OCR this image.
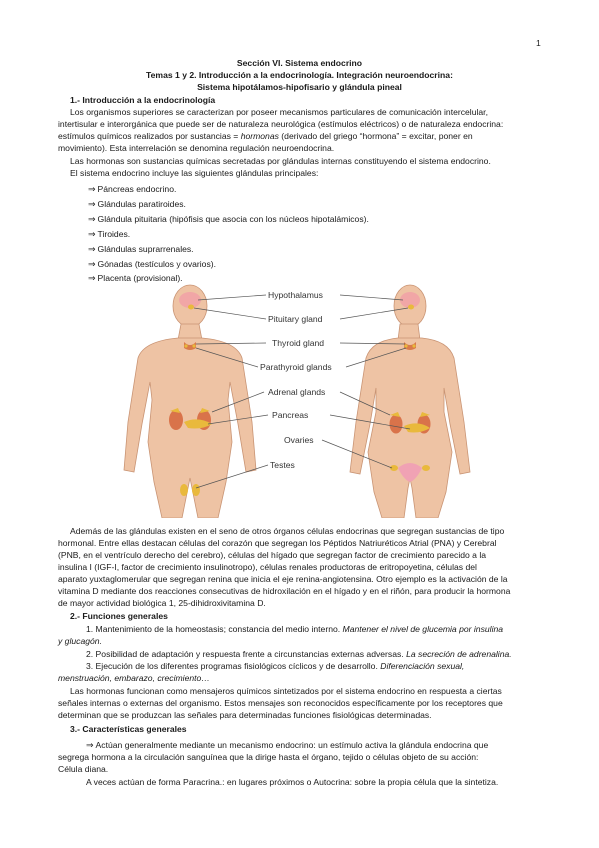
1
Sección VI. Sistema endocrino
Temas 1 y 2. Introducción a la endocrinología. Integración neuroendocrina:
Sistema hipotálamos-hipofisario y glándula pineal
1.- Introducción a la endocrinología
Los organismos superiores se caracterizan por poseer mecanismos particulares de comunicación intercelular,
intertisular e interorgánica que puede ser de naturaleza neurológica (estímulos eléctricos) o de naturaleza endocrina:
estímulos químicos realizados por sustancias = hormonas (derivado del griego “hormona” = excitar, poner en
movimiento). Esta interrelación se denomina regulación neuroendocrina.
Las hormonas son sustancias químicas secretadas por glándulas internas constituyendo el sistema endocrino.
El sistema endocrino incluye las siguientes glándulas principales:
⇒ Páncreas endocrino.
⇒ Glándulas paratiroides.
⇒ Glándula pituitaria (hipófisis que asocia con los núcleos hipotalámicos).
⇒ Tiroides.
⇒ Glándulas suprarrenales.
⇒ Gónadas (testículos y ovarios).
⇒ Placenta (provisional).
Hypothalamus
Pituitary gland
Thyroid gland
Parathyroid glands
Adrenal glands
Pancreas
Ovaries
Testes
Además de las glándulas existen en el seno de otros órganos células endocrinas que segregan sustancias de tipo
hormonal. Entre ellas destacan células del corazón que segregan los Péptidos Natriuréticos Atrial (PNA) y Cerebral
(PNB, en el ventrículo derecho del cerebro), células del hígado que segregan factor de crecimiento parecido a la
insulina I (IGF-I, factor de crecimiento insulinotropo), células renales productoras de eritropoyetina, células del
aparato yuxtaglomerular que segregan renina que inicia el eje renina-angiotensina. Otro ejemplo es la activación de la
vitamina D mediante dos reacciones consecutivas de hidroxilación en el hígado y en el riñón, para producir la hormona
de mayor actividad biológica 1, 25-dihidroxivitamina D.
2.- Funciones generales
1. Mantenimiento de la homeostasis; constancia del medio interno. Mantener el nivel de glucemia por insulina
y glucagón.
2. Posibilidad de adaptación y respuesta frente a circunstancias externas adversas. La secreción de adrenalina.
3. Ejecución de los diferentes programas fisiológicos cíclicos y de desarrollo. Diferenciación sexual,
menstruación, embarazo, crecimiento…
Las hormonas funcionan como mensajeros químicos sintetizados por el sistema endocrino en respuesta a ciertas
señales internas o externas del organismo. Estos mensajes son reconocidos específicamente por los receptores que
determinan que se produzcan las señales para determinadas funciones fisiológicas determinadas.
3.- Características generales
⇒ Actúan generalmente mediante un mecanismo endocrino: un estímulo activa la glándula endocrina que
segrega hormona a la circulación sanguínea que la dirige hasta el órgano, tejido o células objeto de su acción:
Célula diana.
A veces actúan de forma Paracrina.: en lugares próximos o Autocrina: sobre la propia célula que la sintetiza.
